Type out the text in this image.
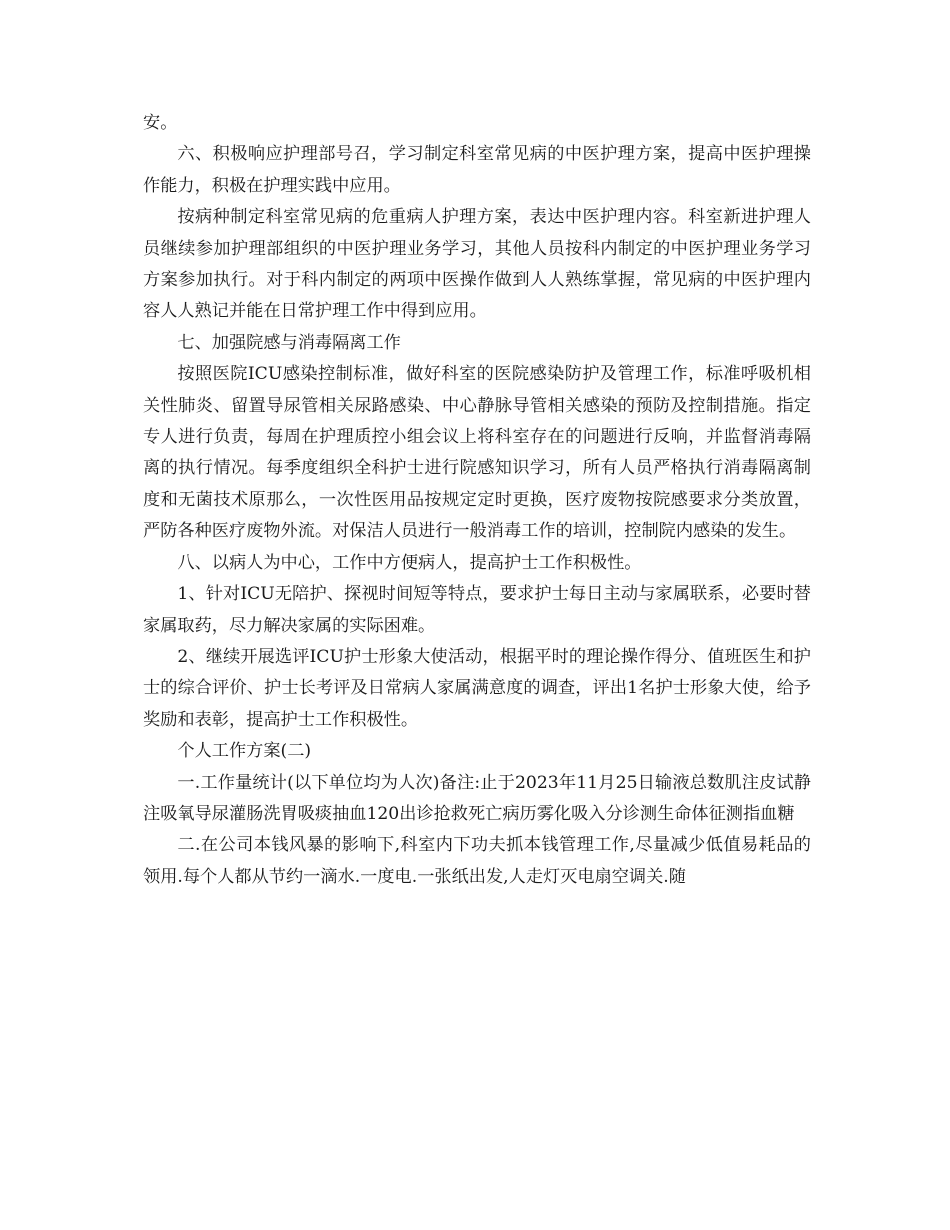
安。

六、积极响应护理部号召，学习制定科室常见病的中医护理方案，提高中医护理操作能力，积极在护理实践中应用。

按病种制定科室常见病的危重病人护理方案，表达中医护理内容。科室新进护理人员继续参加护理部组织的中医护理业务学习，其他人员按科内制定的中医护理业务学习方案参加执行。对于科内制定的两项中医操作做到人人熟练掌握，常见病的中医护理内容人人熟记并能在日常护理工作中得到应用。

七、加强院感与消毒隔离工作

按照医院ICU感染控制标准，做好科室的医院感染防护及管理工作，标准呼吸机相关性肺炎、留置导尿管相关尿路感染、中心静脉导管相关感染的预防及控制措施。指定专人进行负责，每周在护理质控小组会议上将科室存在的问题进行反响，并监督消毒隔离的执行情况。每季度组织全科护士进行院感知识学习，所有人员严格执行消毒隔离制度和无菌技术原那么，一次性医用品按规定定时更换，医疗废物按院感要求分类放置，严防各种医疗废物外流。对保洁人员进行一般消毒工作的培训，控制院内感染的发生。

八、以病人为中心，工作中方便病人，提高护士工作积极性。

1、针对ICU无陪护、探视时间短等特点，要求护士每日主动与家属联系，必要时替家属取药，尽力解决家属的实际困难。

2、继续开展选评ICU护士形象大使活动，根据平时的理论操作得分、值班医生和护士的综合评价、护士长考评及日常病人家属满意度的调查，评出1名护士形象大使，给予奖励和表彰，提高护士工作积极性。

个人工作方案(二)

一.工作量统计(以下单位均为人次)备注:止于2023年11月25日输液总数肌注皮试静注吸氧导尿灌肠洗胃吸痰抽血120出诊抢救死亡病历雾化吸入分诊测生命体征测指血糖

二.在公司本钱风暴的影响下,科室内下功夫抓本钱管理工作,尽量减少低值易耗品的领用.每个人都从节约一滴水.一度电.一张纸出发,人走灯灭电扇空调关.随
